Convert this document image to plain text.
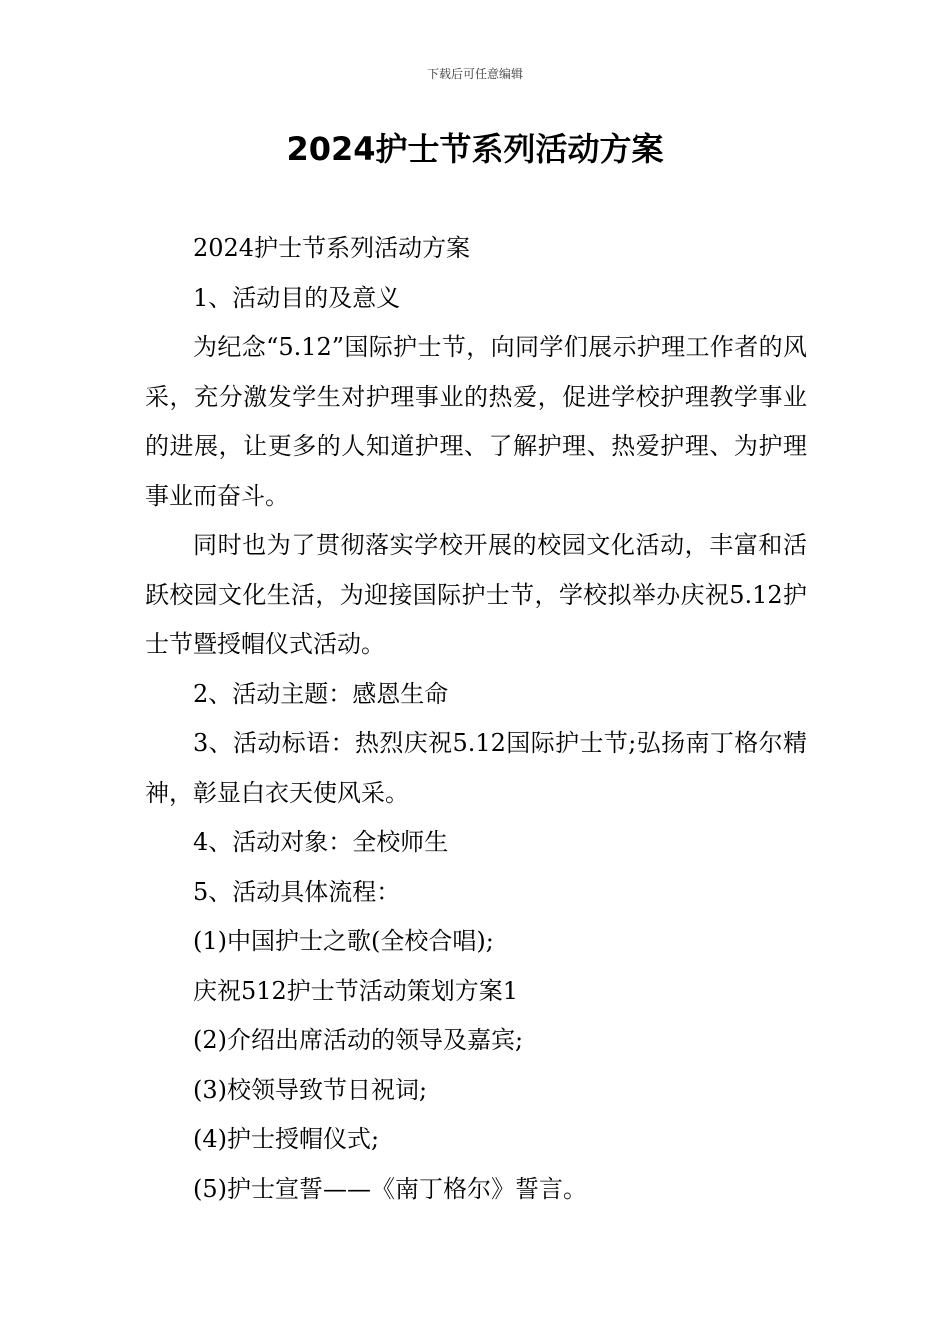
下载后可任意编辑
2024护士节系列活动方案

2024护士节系列活动方案

1、活动目的及意义

为纪念“5.12”国际护士节，向同学们展示护理工作者的风采，充分激发学生对护理事业的热爱，促进学校护理教学事业的进展，让更多的人知道护理、了解护理、热爱护理、为护理事业而奋斗。

同时也为了贯彻落实学校开展的校园文化活动，丰富和活跃校园文化生活，为迎接国际护士节，学校拟举办庆祝5.12护士节暨授帽仪式活动。

2、活动主题：感恩生命

3、活动标语：热烈庆祝5.12国际护士节;弘扬南丁格尔精神，彰显白衣天使风采。

4、活动对象：全校师生

5、活动具体流程：

(1)中国护士之歌(全校合唱);

庆祝512护士节活动策划方案1

(2)介绍出席活动的领导及嘉宾;

(3)校领导致节日祝词;

(4)护士授帽仪式;

(5)护士宣誓——《南丁格尔》誓言。
